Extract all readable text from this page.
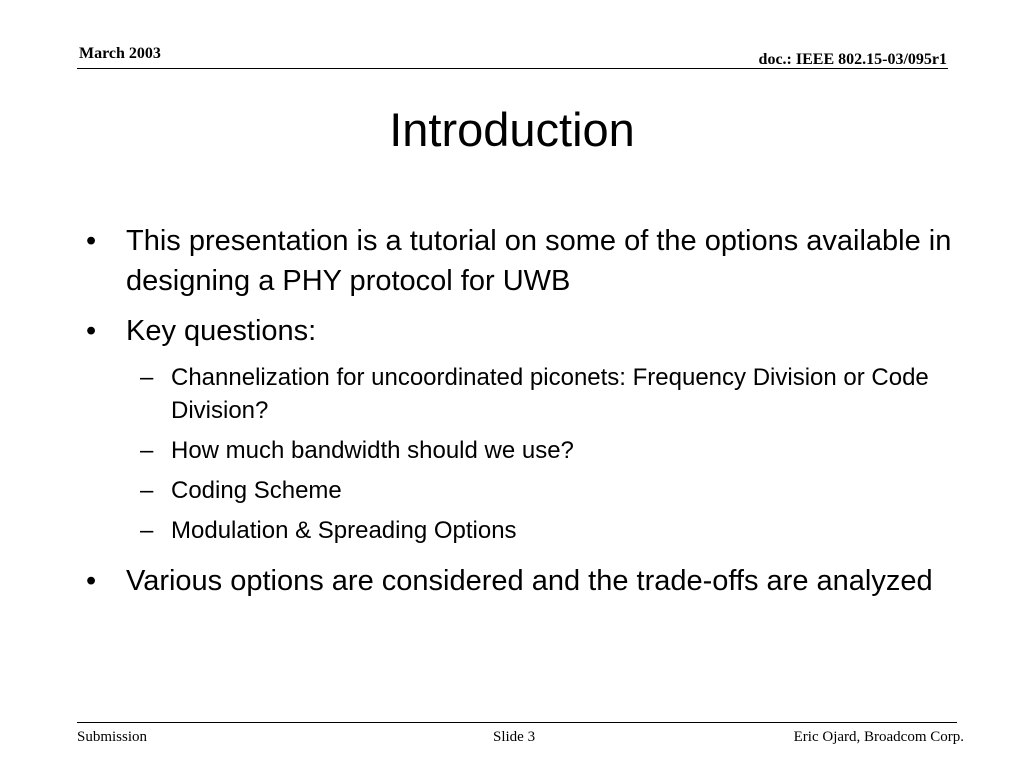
March 2003	doc.: IEEE 802.15-03/095r1
Introduction
•	This presentation is a tutorial on some of the options available in designing a PHY protocol for UWB
•	Key questions:
– Channelization for uncoordinated piconets: Frequency Division or Code Division?
– How much bandwidth should we use?
– Coding Scheme
– Modulation & Spreading Options
•	Various options are considered and the trade-offs are analyzed
Submission	Slide 3	Eric Ojard, Broadcom Corp.
